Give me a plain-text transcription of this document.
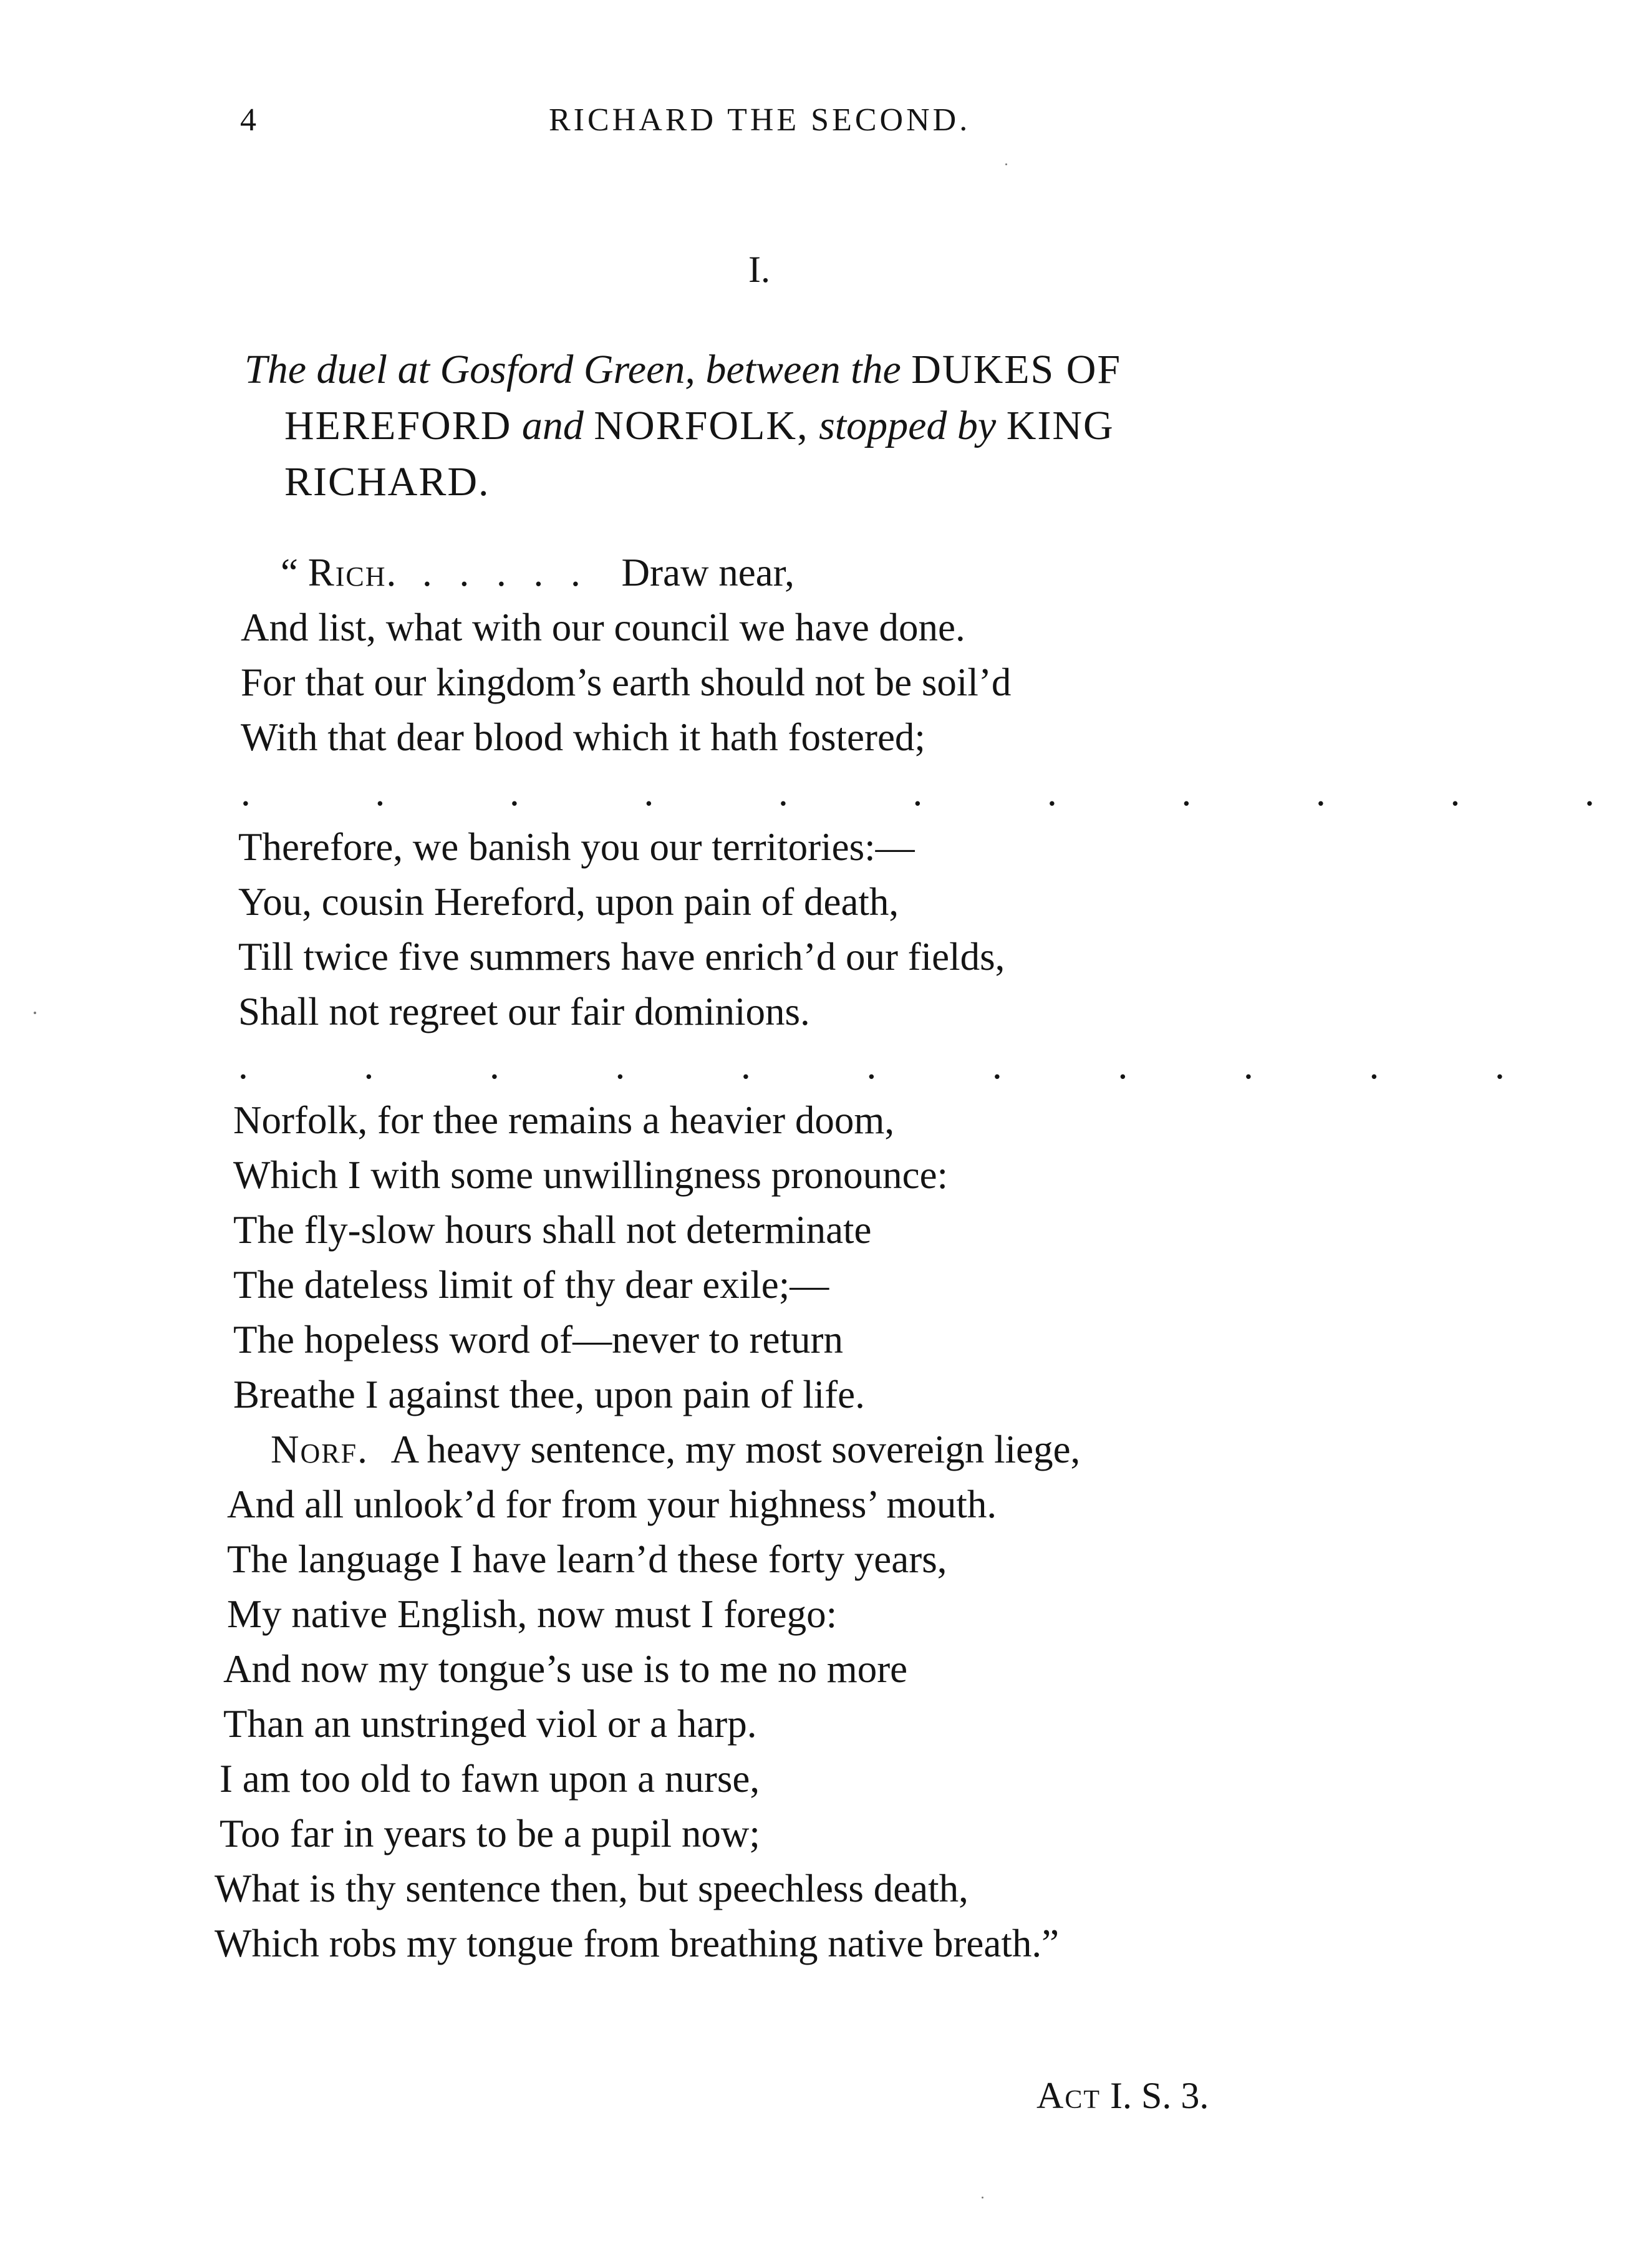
4	RICHARD THE SECOND.
I.
The duel at Gosford Green, between the DUKES OF
HEREFORD and NORFOLK, stopped by KING
RICHARD.
“ Rich. . . . . . Draw near,
And list, what with our council we have done.
For that our kingdom’s earth should not be soil’d
With that dear blood which it hath fostered;
. . . . . . . . . . .
Therefore, we banish you our territories:—
You, cousin Hereford, upon pain of death,
Till twice five summers have enrich’d our fields,
Shall not regreet our fair dominions.
. . . . . . . . . . .
Norfolk, for thee remains a heavier doom,
Which I with some unwillingness pronounce:
The fly-slow hours shall not determinate
The dateless limit of thy dear exile;—
The hopeless word of—never to return
Breathe I against thee, upon pain of life.
Norf. A heavy sentence, my most sovereign liege,
And all unlook’d for from your highness’ mouth.
The language I have learn’d these forty years,
My native English, now must I forego:
And now my tongue’s use is to me no more
Than an unstringed viol or a harp.
I am too old to fawn upon a nurse,
Too far in years to be a pupil now;
What is thy sentence then, but speechless death,
Which robs my tongue from breathing native breath.”
Act I. S. 3.
